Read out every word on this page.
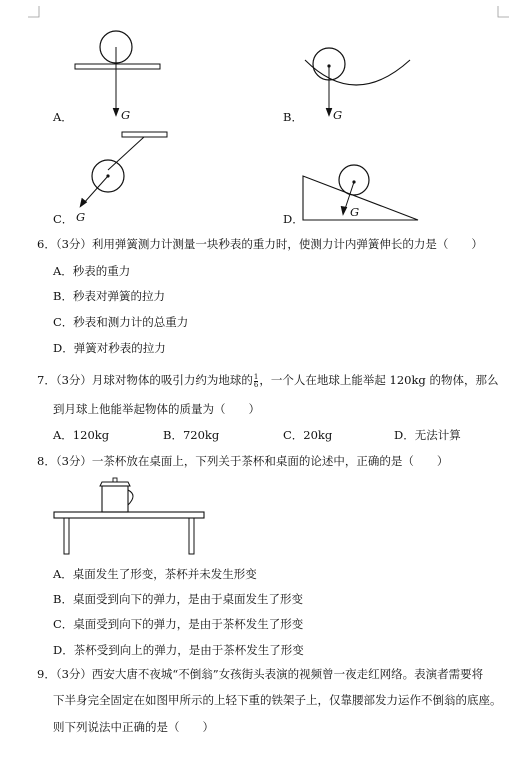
A．	G	B．	G
C． G	D．	G
6．（3分）利用弹簧测力计测量一块秒表的重力时，使测力计内弹簧伸长的力是（　　）
A．秒表的重力
B．秒表对弹簧的拉力
C．秒表和测力计的总重力
D．弹簧对秒表的拉力
7．（3分）月球对物体的吸引力约为地球的 $\frac{1}{6}$ ，一个人在地球上能举起 120kg 的物体，那么
到月球上他能举起物体的质量为（　　）
A．120kg	B．720kg	C．20kg	D．无法计算
8．（3分）一茶杯放在桌面上，下列关于茶杯和桌面的论述中，正确的是（　　）
A．桌面发生了形变，茶杯并未发生形变
B．桌面受到向下的弹力，是由于桌面发生了形变
C．桌面受到向下的弹力，是由于茶杯发生了形变
D．茶杯受到向上的弹力，是由于茶杯发生了形变
9．（3分）西安大唐不夜城“不倒翁”女孩街头表演的视频曾一夜走红网络。表演者需要将
下半身完全固定在如图甲所示的上轻下重的铁架子上，仅靠腰部发力运作不倒翁的底座。
则下列说法中正确的是（　　）
